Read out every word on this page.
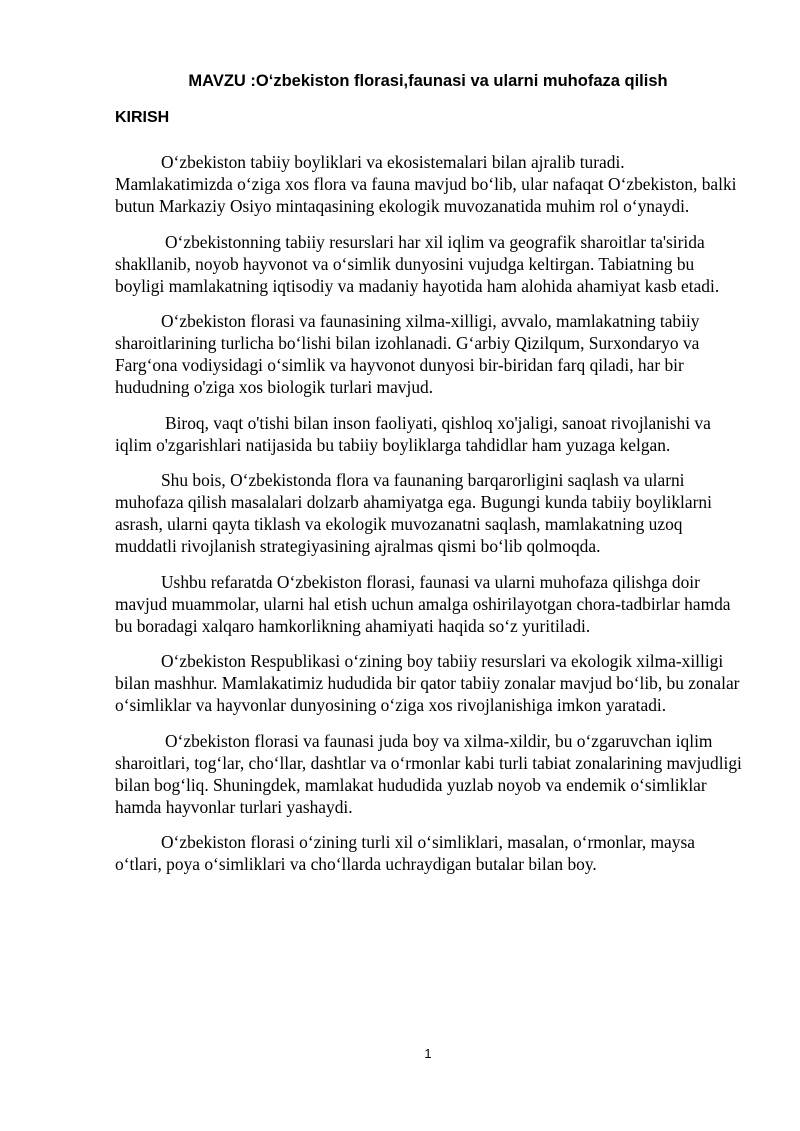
MAVZU :O‘zbekiston florasi,faunasi va ularni muhofaza qilish
KIRISH

O‘zbekiston tabiiy boyliklari va ekosistemalari bilan ajralib turadi. Mamlakatimizda o‘ziga xos flora va fauna mavjud bo‘lib, ular nafaqat O‘zbekiston, balki butun Markaziy Osiyo mintaqasining ekologik muvozanatida muhim rol o‘ynaydi.

O‘zbekistonning tabiiy resurslari har xil iqlim va geografik sharoitlar ta'sirida shakllanib, noyob hayvonot va o‘simlik dunyosini vujudga keltirgan. Tabiatning bu boyligi mamlakatning iqtisodiy va madaniy hayotida ham alohida ahamiyat kasb etadi.

O‘zbekiston florasi va faunasining xilma-xilligi, avvalo, mamlakatning tabiiy sharoitlarining turlicha bo‘lishi bilan izohlanadi. G‘arbiy Qizilqum, Surxondaryo va Farg‘ona vodiysidagi o‘simlik va hayvonot dunyosi bir-biridan farq qiladi, har bir hududning o'ziga xos biologik turlari mavjud.

Biroq, vaqt o'tishi bilan inson faoliyati, qishloq xo'jaligi, sanoat rivojlanishi va iqlim o'zgarishlari natijasida bu tabiiy boyliklarga tahdidlar ham yuzaga kelgan.

Shu bois, O‘zbekistonda flora va faunaning barqarorligini saqlash va ularni muhofaza qilish masalalari dolzarb ahamiyatga ega. Bugungi kunda tabiiy boyliklarni asrash, ularni qayta tiklash va ekologik muvozanatni saqlash, mamlakatning uzoq muddatli rivojlanish strategiyasining ajralmas qismi bo‘lib qolmoqda.

Ushbu refaratda O‘zbekiston florasi, faunasi va ularni muhofaza qilishga doir mavjud muammolar, ularni hal etish uchun amalga oshirilayotgan chora-tadbirlar hamda bu boradagi xalqaro hamkorlikning ahamiyati haqida so‘z yuritiladi.

O‘zbekiston Respublikasi o‘zining boy tabiiy resurslari va ekologik xilma-xilligi bilan mashhur. Mamlakatimiz hududida bir qator tabiiy zonalar mavjud bo‘lib, bu zonalar o‘simliklar va hayvonlar dunyosining o‘ziga xos rivojlanishiga imkon yaratadi.

O‘zbekiston florasi va faunasi juda boy va xilma-xildir, bu o‘zgaruvchan iqlim sharoitlari, tog‘lar, cho‘llar, dashtlar va o‘rmonlar kabi turli tabiat zonalarining mavjudligi bilan bog‘liq. Shuningdek, mamlakat hududida yuzlab noyob va endemik o‘simliklar hamda hayvonlar turlari yashaydi.

O‘zbekiston florasi o‘zining turli xil o‘simliklari, masalan, o‘rmonlar, maysa o‘tlari, poya o‘simliklari va cho‘llarda uchraydigan butalar bilan boy.

1
